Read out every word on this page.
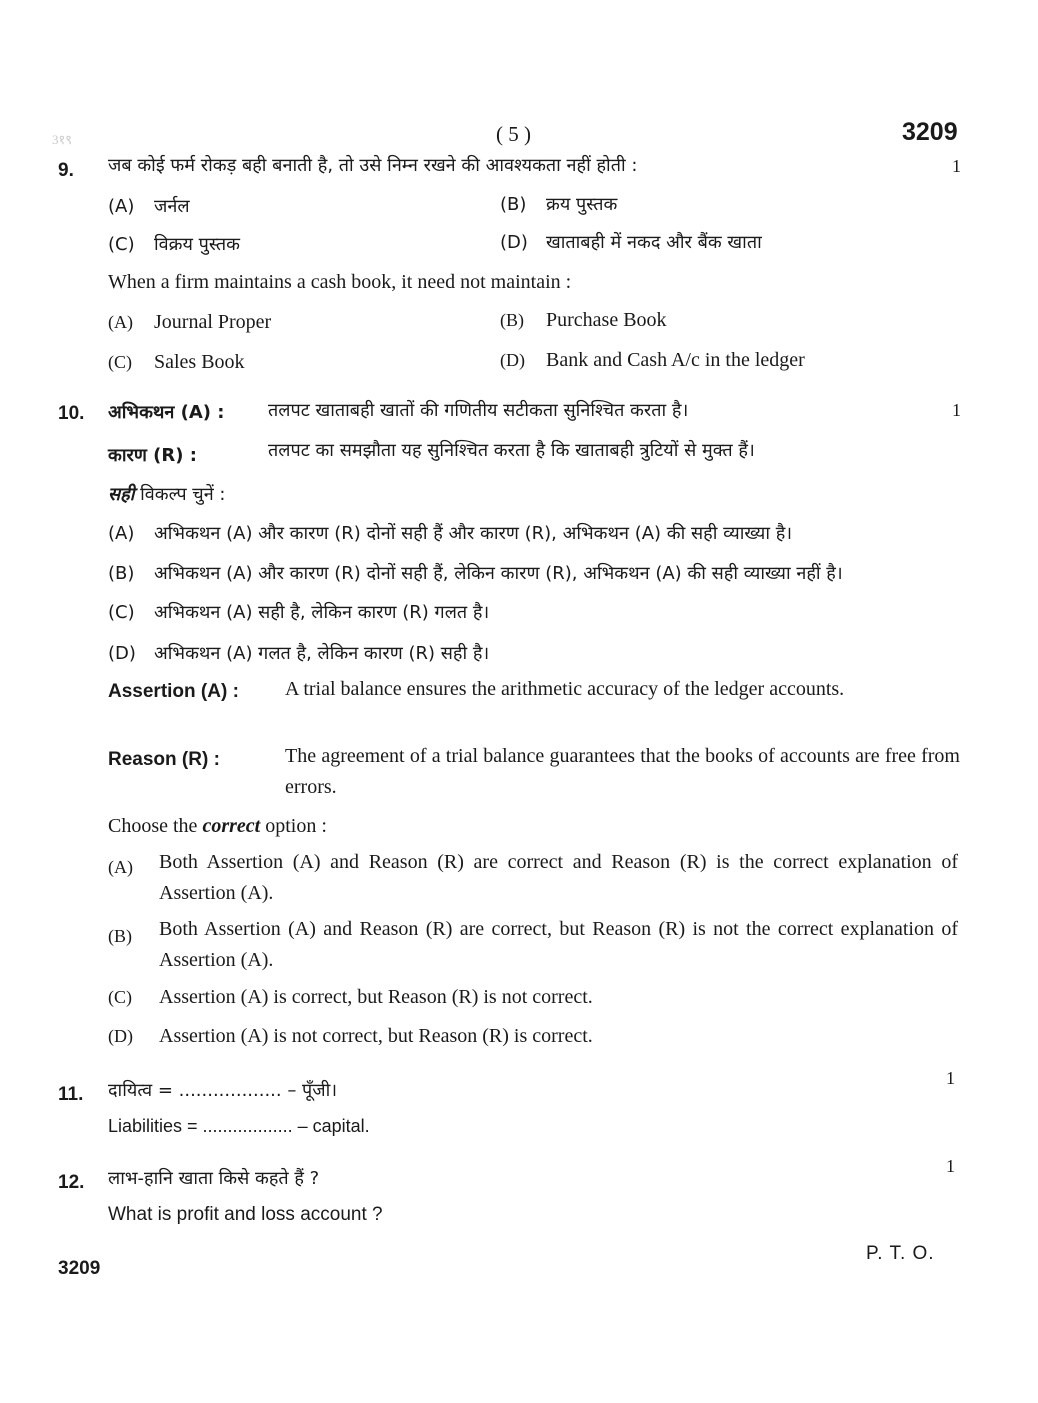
3१९	( 5 )	3209
9. जब कोई फर्म रोकड़ बही बनाती है, तो उसे निम्न रखने की आवश्यकता नहीं होती :	1
(A) जर्नल	(B) क्रय पुस्तक
(C) विक्रय पुस्तक	(D) खाताबही में नकद और बैंक खाता
When a firm maintains a cash book, it need not maintain :
(A) Journal Proper	(B) Purchase Book
(C) Sales Book	(D) Bank and Cash A/c in the ledger
10.	1
अभिकथन (A) : तलपट खाताबही खातों की गणितीय सटीकता सुनिश्चित करता है।
कारण (R) :	तलपट का समझौता यह सुनिश्चित करता है कि खाताबही त्रुटियों से मुक्त हैं।
सही विकल्प चुनें :
(A) अभिकथन (A) और कारण (R) दोनों सही हैं और कारण (R), अभिकथन (A) की सही व्याख्या है।
(B) अभिकथन (A) और कारण (R) दोनों सही हैं, लेकिन कारण (R), अभिकथन (A) की सही व्याख्या नहीं है।
(C) अभिकथन (A) सही है, लेकिन कारण (R) गलत है।
(D) अभिकथन (A) गलत है, लेकिन कारण (R) सही है।
Assertion (A) : A trial balance ensures the arithmetic accuracy of the ledger accounts.
Reason (R) :	The agreement of a trial balance guarantees that the books of accounts are free from errors.
Choose the correct option :
(A)	Both Assertion (A) and Reason (R) are correct and Reason (R) is the correct explanation of Assertion (A).
(B)	Both Assertion (A) and Reason (R) are correct, but Reason (R) is not the correct explanation of Assertion (A).
(C) Assertion (A) is correct, but Reason (R) is not correct.
(D) Assertion (A) is not correct, but Reason (R) is correct.
11.
1
दायित्व = .................. – पूँजी।
Liabilities = .................. – capital.
12.
1
लाभ-हानि खाता किसे कहते हैं ?
What is profit and loss account ?
3209
P. T. O.
